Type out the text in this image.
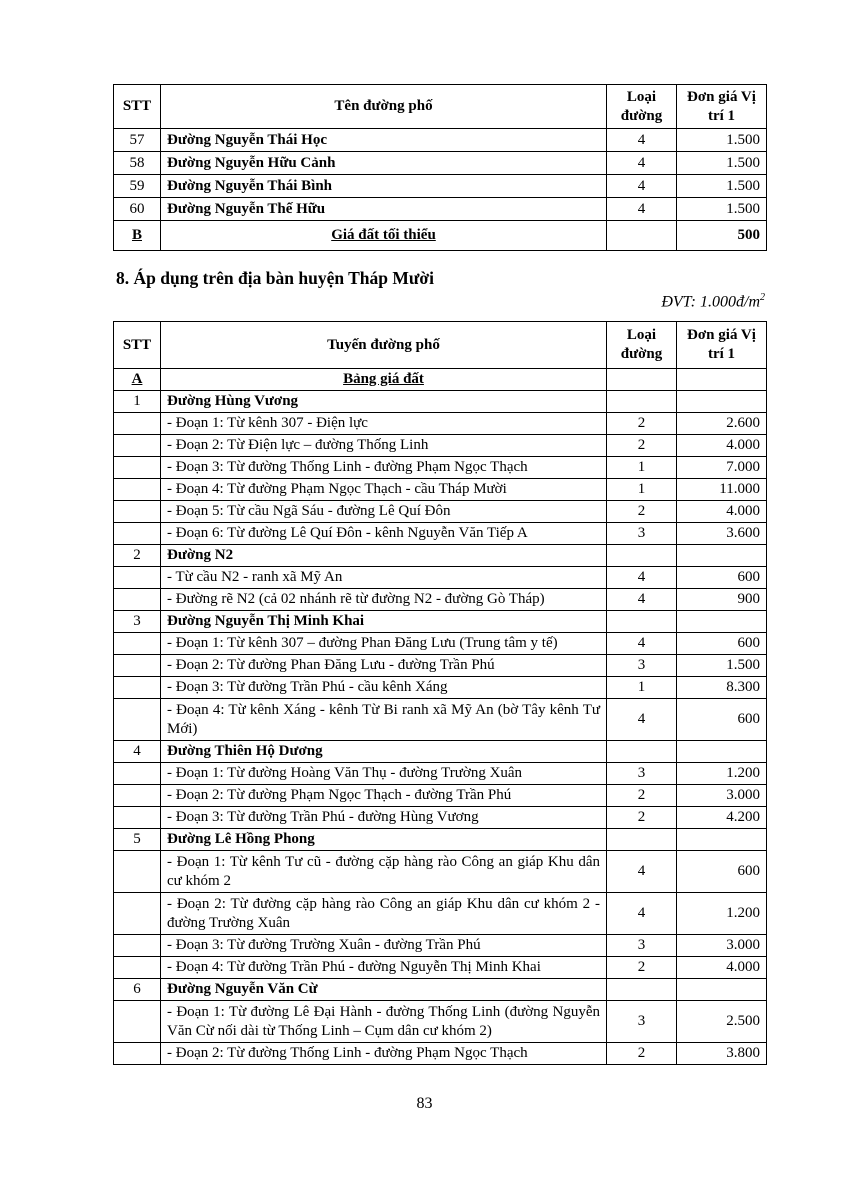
STT	Tên đường phố	Loại đường	Đơn giá Vị trí 1
57	Đường Nguyễn Thái Học	4	1.500
58	Đường Nguyễn Hữu Cảnh	4	1.500
59	Đường Nguyễn Thái Bình	4	1.500
60	Đường Nguyễn Thế Hữu	4	1.500
B	Giá đất tối thiểu		500
8. Áp dụng trên địa bàn huyện Tháp Mười
ĐVT: $1.000đ/m^2$
STT	Tuyến đường phố	Loại đường	Đơn giá Vị trí 1
A	Bảng giá đất		
1	Đường Hùng Vương		
	- Đoạn 1: Từ kênh 307 - Điện lực	2	2.600
	- Đoạn 2: Từ Điện lực – đường Thống Linh	2	4.000
	- Đoạn 3: Từ đường Thống Linh - đường Phạm Ngọc Thạch	1	7.000
	- Đoạn 4: Từ đường Phạm Ngọc Thạch - cầu Tháp Mười	1	11.000
	- Đoạn 5: Từ cầu Ngã Sáu - đường Lê Quí Đôn	2	4.000
	- Đoạn 6: Từ đường Lê Quí Đôn - kênh Nguyễn Văn Tiếp A	3	3.600
2	Đường N2		
	- Từ cầu N2 - ranh xã Mỹ An	4	600
	- Đường rẽ N2 (cả 02 nhánh rẽ từ đường N2 - đường Gò Tháp)	4	900
3	Đường Nguyễn Thị Minh Khai		
	- Đoạn 1: Từ kênh 307 – đường Phan Đăng Lưu (Trung tâm y tế)	4	600
	- Đoạn 2: Từ đường Phan Đăng Lưu - đường Trần Phú	3	1.500
	- Đoạn 3: Từ đường Trần Phú - cầu kênh Xáng	1	8.300
	- Đoạn 4: Từ kênh Xáng - kênh Từ Bi ranh xã Mỹ An (bờ Tây kênh Tư Mới)	4	600
4	Đường Thiên Hộ Dương		
	- Đoạn 1: Từ đường Hoàng Văn Thụ - đường Trường Xuân	3	1.200
	- Đoạn 2: Từ đường Phạm Ngọc Thạch - đường Trần Phú	2	3.000
	- Đoạn 3: Từ đường Trần Phú - đường Hùng Vương	2	4.200
5	Đường Lê Hồng Phong		
	- Đoạn 1: Từ kênh Tư cũ - đường cặp hàng rào Công an giáp Khu dân cư khóm 2	4	600
	- Đoạn 2: Từ đường cặp hàng rào Công an giáp Khu dân cư khóm 2 - đường Trường Xuân	4	1.200
	- Đoạn 3: Từ đường Trường Xuân - đường Trần Phú	3	3.000
	- Đoạn 4: Từ đường Trần Phú - đường Nguyễn Thị Minh Khai	2	4.000
6	Đường Nguyễn Văn Cừ		
	- Đoạn 1: Từ đường Lê Đại Hành - đường Thống Linh (đường Nguyễn Văn Cừ nối dài từ Thống Linh – Cụm dân cư khóm 2)	3	2.500
	- Đoạn 2: Từ đường Thống Linh - đường Phạm Ngọc Thạch	2	3.800
83
